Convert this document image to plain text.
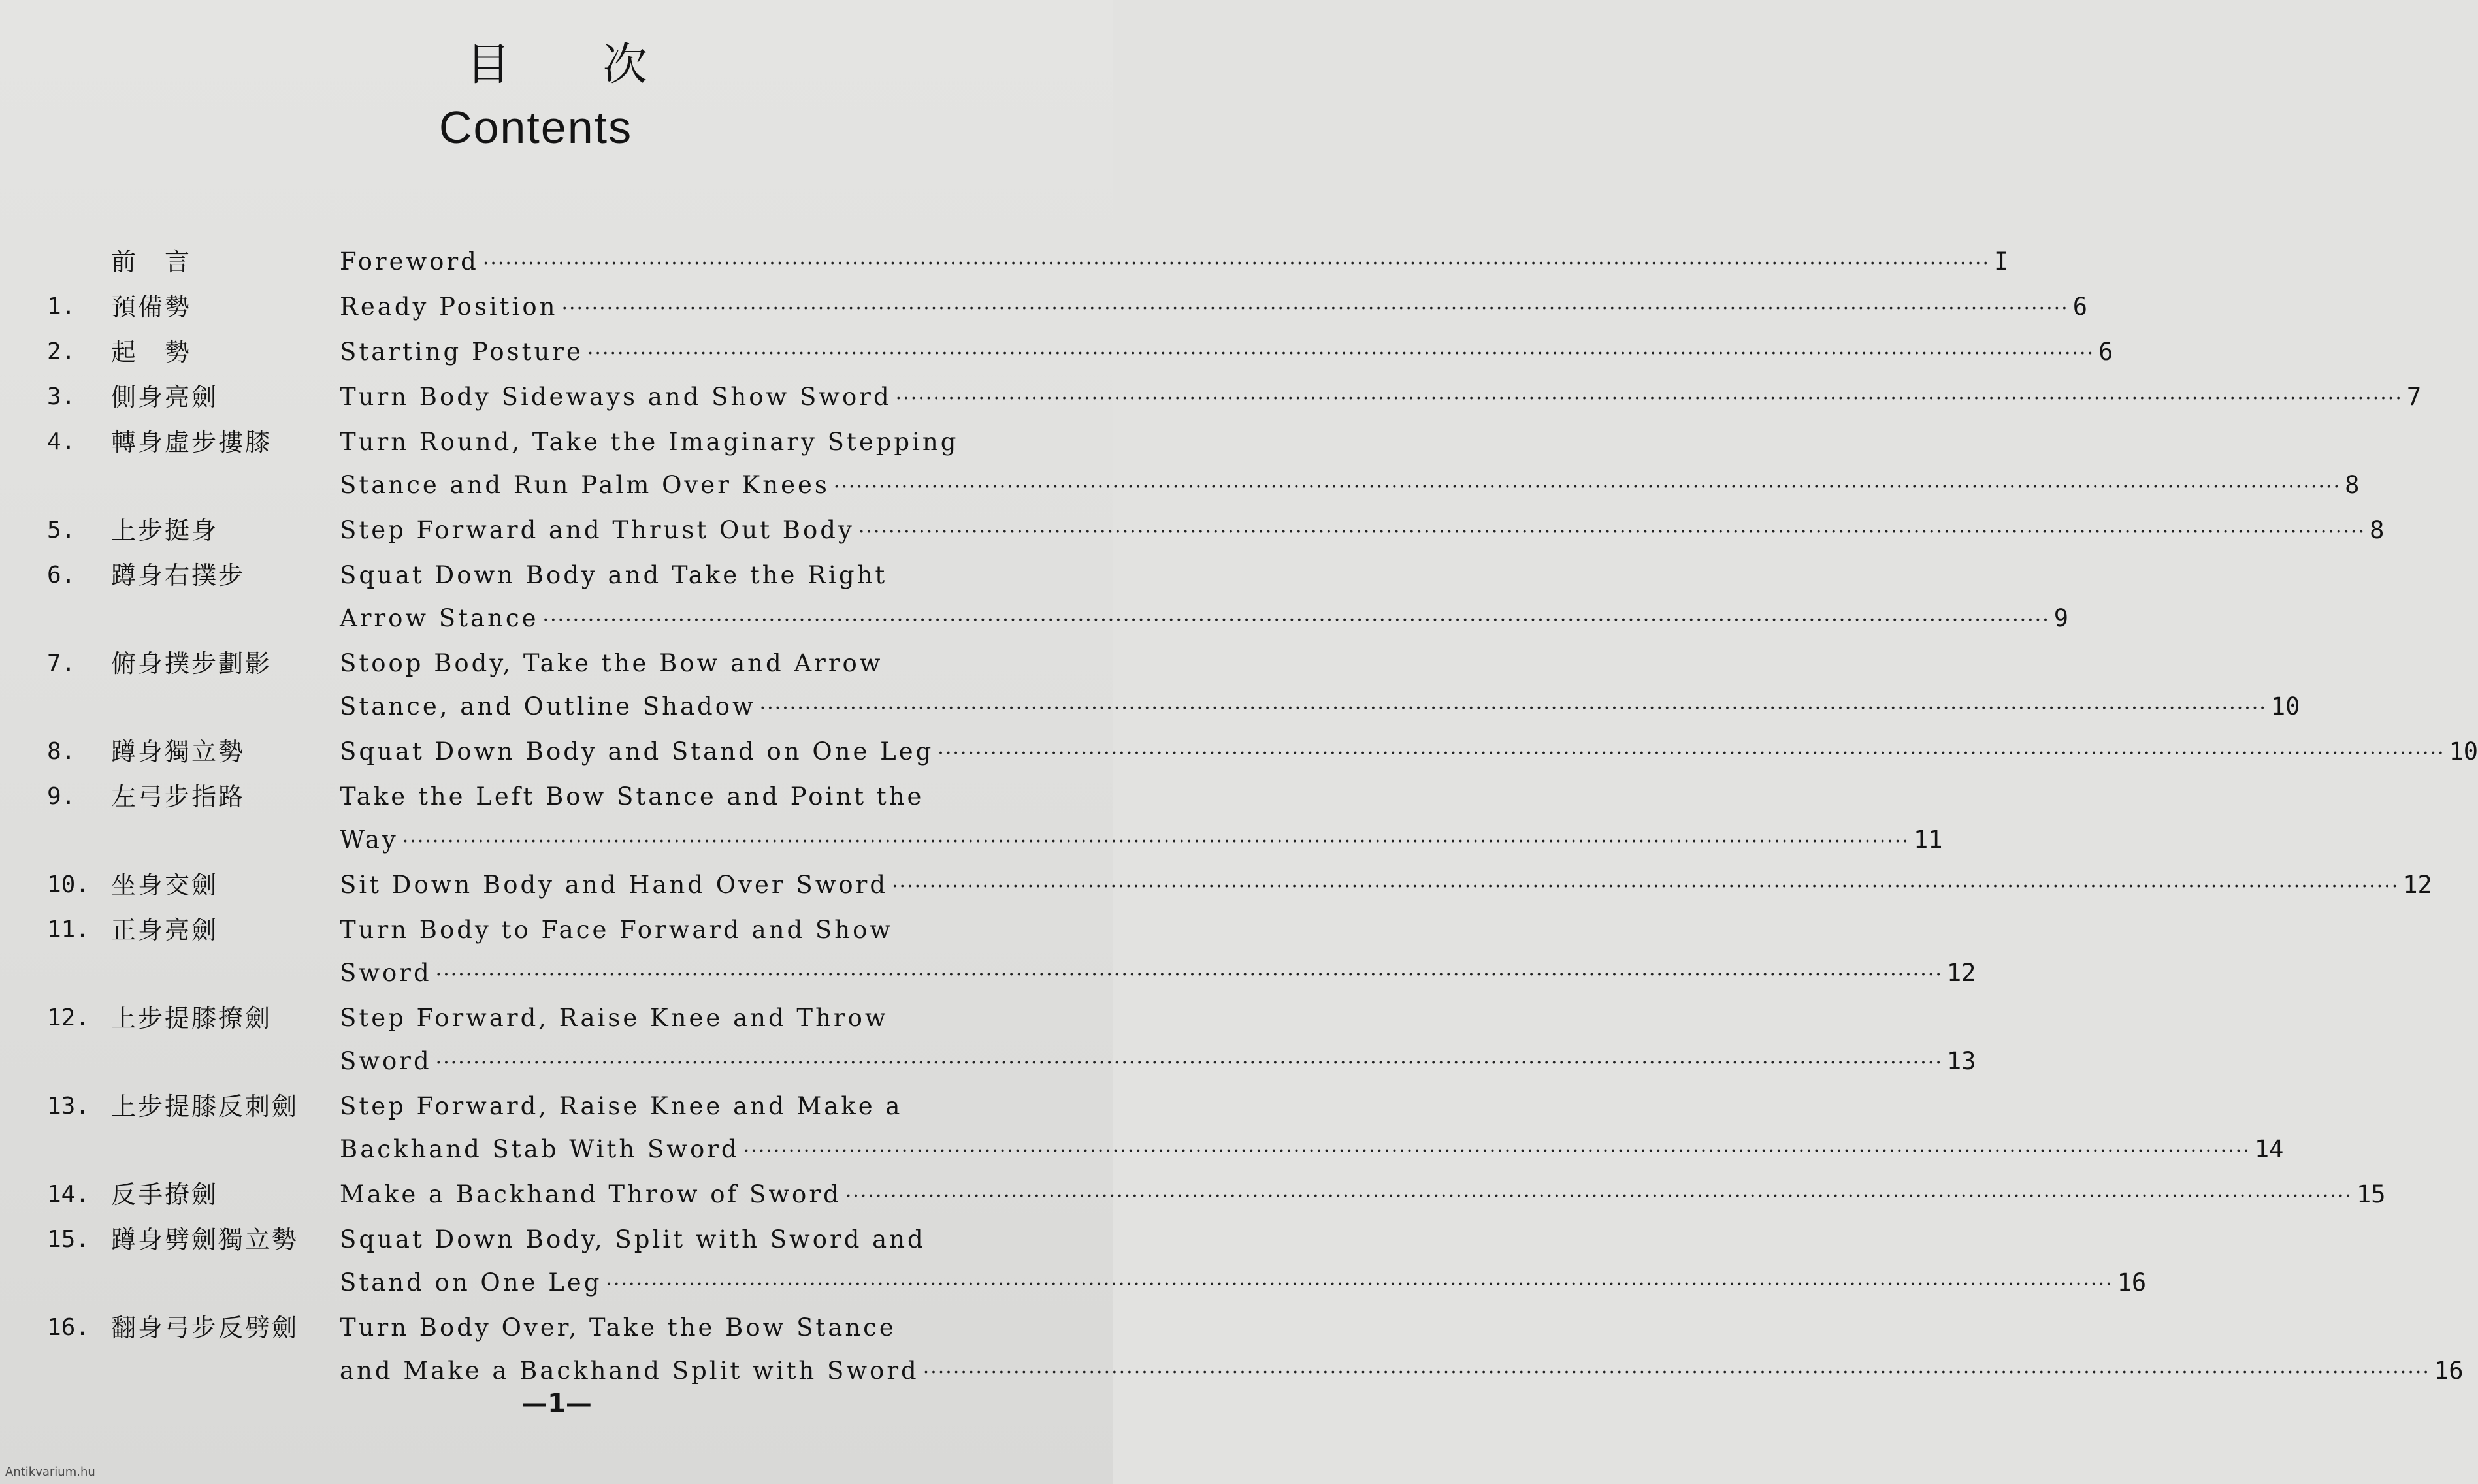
目 次
Contents
前　言	Foreword ········································································································································································································ I
1.	預備勢	Ready Position ········································································································································································································ 6
2.	起　勢	Starting Posture ········································································································································································································ 6
3.	側身亮劍	Turn Body Sideways and Show Sword ········································································································································································································ 7
4.	轉身虛步摟膝	Turn Round, Take the Imaginary Stepping
Stance and Run Palm Over Knees ········································································································································································································ 8
5.	上步挺身	Step Forward and Thrust Out Body ········································································································································································································ 8
6.	蹲身右撲步	Squat Down Body and Take the Right
Arrow Stance ········································································································································································································ 9
7.	俯身撲步劃影	Stoop Body, Take the Bow and Arrow
Stance, and Outline Shadow ········································································································································································································ 10
8.	蹲身獨立勢	Squat Down Body and Stand on One Leg ········································································································································································································ 10
9.	左弓步指路	Take the Left Bow Stance and Point the
Way ········································································································································································································ 11
10. 坐身交劍	Sit Down Body and Hand Over Sword ········································································································································································································ 12
11. 正身亮劍	Turn Body to Face Forward and Show
Sword ········································································································································································································ 12
12. 上步提膝撩劍	Step Forward, Raise Knee and Throw
Sword ········································································································································································································ 13
13. 上步提膝反刺劍	Step Forward, Raise Knee and Make a
Backhand Stab With Sword ········································································································································································································ 14
14. 反手撩劍	Make a Backhand Throw of Sword ········································································································································································································ 15
15. 蹲身劈劍獨立勢	Squat Down Body, Split with Sword and
Stand on One Leg ········································································································································································································ 16
16. 翻身弓步反劈劍	Turn Body Over, Take the Bow Stance
and Make a Backhand Split with Sword ········································································································································································································ 16
—1—
Antikvarium.hu
